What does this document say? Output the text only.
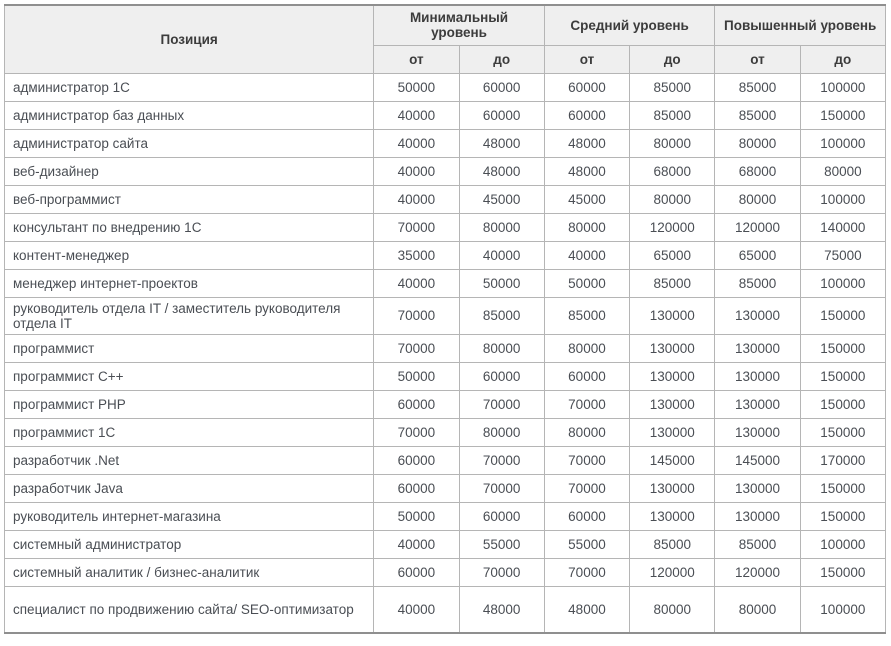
Позиция	Минимальный уровень		Средний уровень		Повышенный уровень	
	от	до	от	до	от	до
администратор 1С	50000	60000	60000	85000	85000	100000
администратор баз данных	40000	60000	60000	85000	85000	150000
администратор сайта	40000	48000	48000	80000	80000	100000
веб-дизайнер	40000	48000	48000	68000	68000	80000
веб-программист	40000	45000	45000	80000	80000	100000
консультант по внедрению 1С	70000	80000	80000	120000	120000	140000
контент-менеджер	35000	40000	40000	65000	65000	75000
менеджер интернет-проектов	40000	50000	50000	85000	85000	100000
руководитель отдела IT / заместитель руководителя отдела IT	70000	85000	85000	130000	130000	150000
программист	70000	80000	80000	130000	130000	150000
программист С++	50000	60000	60000	130000	130000	150000
программист PHP	60000	70000	70000	130000	130000	150000
программист 1С	70000	80000	80000	130000	130000	150000
разработчик .Net	60000	70000	70000	145000	145000	170000
разработчик Java	60000	70000	70000	130000	130000	150000
руководитель интернет-магазина	50000	60000	60000	130000	130000	150000
системный администратор	40000	55000	55000	85000	85000	100000
системный аналитик / бизнес-аналитик	60000	70000	70000	120000	120000	150000
специалист по продвижению сайта/ SEO-оптимизатор	40000	48000	48000	80000	80000	100000
